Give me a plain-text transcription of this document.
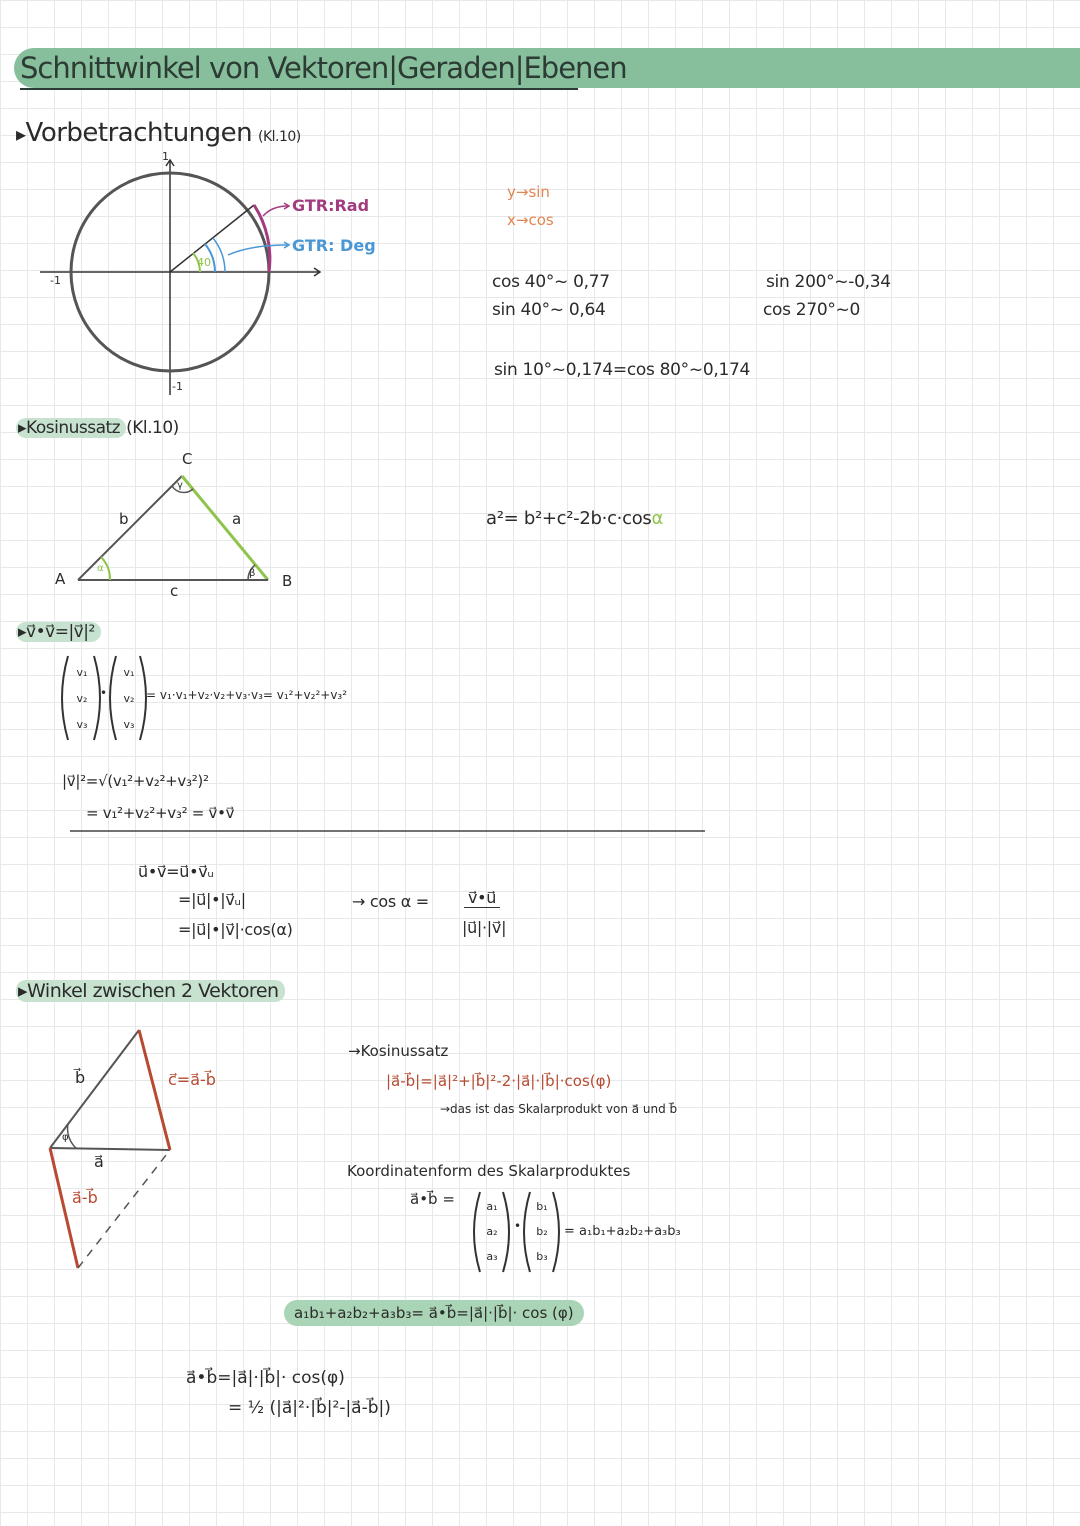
Schnittwinkel von Vektoren|Geraden|Ebenen
▸Vorbetrachtungen (Kl.10)
1
-1
-1
40
GTR:Rad
GTR: Deg
y→sin
x→cos
cos 40°~ 0,77
sin 40°~ 0,64
sin 200°~-0,34
cos 270°~0
sin 10°~0,174=cos 80°~0,174
▸Kosinussatz (Kl.10)
A	B
C
a
b
c
α	β
γ
a²= b²+c²-2b·c·cosα
▸v⃗•v⃗=|v⃗|²
v₁
v₂
v₃
•
v₁
v₂
v₃
= v₁·v₁+v₂·v₂+v₃·v₃= v₁²+v₂²+v₃²
|v⃗|²=√(v₁²+v₂²+v₃²)²
= v₁²+v₂²+v₃² = v⃗•v⃗
u⃗•v⃗=u⃗•v⃗ᵤ
=|u⃗|•|v⃗ᵤ|
=|u⃗|•|v⃗|·cos(α)
→ cos α = v⃗•u⃗
|u⃗|·|v⃗|
▸Winkel zwischen 2 Vektoren
b⃗
a⃗
c⃗=a⃗-b⃗
a⃗-b⃗
φ
→Kosinussatz
|a⃗-b⃗|=|a⃗|²+|b⃗|²-2·|a⃗|·|b⃗|·cos(φ)
→das ist das Skalarprodukt von a⃗ und b⃗
Koordinatenform des Skalarproduktes
a⃗•b⃗ =	a₁
a₂
a₃
•
b₁
b₂
b₃
= a₁b₁+a₂b₂+a₃b₃
a₁b₁+a₂b₂+a₃b₃= a⃗•b⃗=|a⃗|·|b⃗|· cos (φ)
a⃗•b⃗=|a⃗|·|b⃗|· cos(φ)
= ½ (|a⃗|²·|b⃗|²-|a⃗-b⃗|)
